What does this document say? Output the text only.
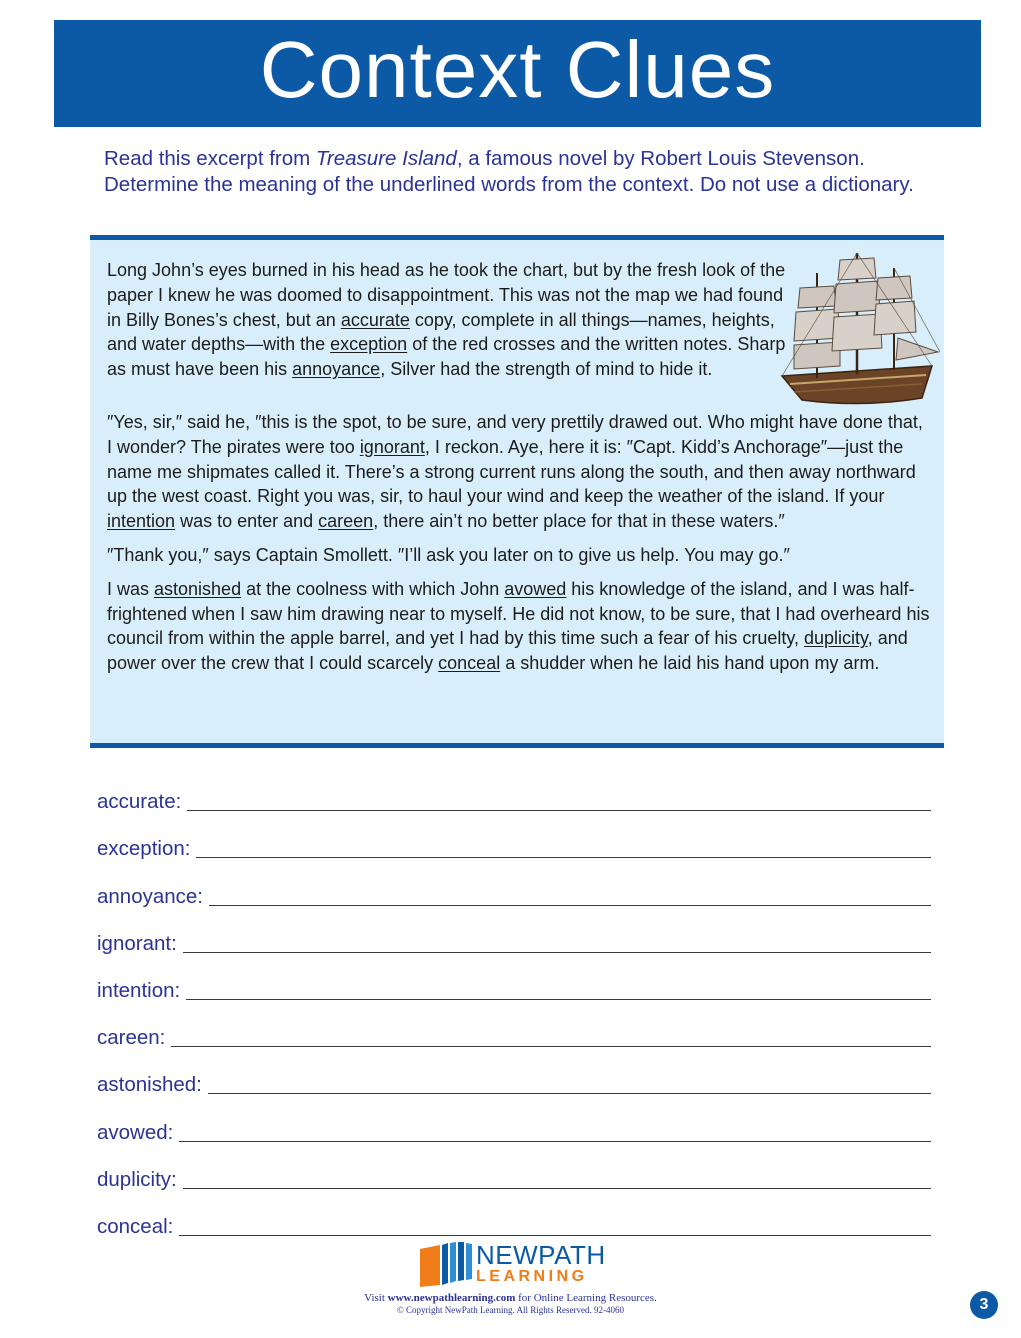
Context Clues

Read this excerpt from Treasure Island, a famous novel by Robert Louis Stevenson. Determine the meaning of the underlined words from the context. Do not use a dictionary.

Long John’s eyes burned in his head as he took the chart, but by the fresh look of the paper I knew he was doomed to disappointment. This was not the map we had found in Billy Bones’s chest, but an accurate copy, complete in all things—names, heights, and water depths—with the exception of the red crosses and the written notes. Sharp as must have been his annoyance, Silver had the strength of mind to hide it.

″Yes, sir,″ said he, ″this is the spot, to be sure, and very prettily drawed out. Who might have done that, I wonder? The pirates were too ignorant, I reckon. Aye, here it is: ″Capt. Kidd’s Anchorage″—just the name me shipmates called it. There’s a strong current runs along the south, and then away northward up the west coast. Right you was, sir, to haul your wind and keep the weather of the island. If your intention was to enter and careen, there ain’t no better place for that in these waters.″

″Thank you,″ says Captain Smollett. ″I’ll ask you later on to give us help. You may go.″

I was astonished at the coolness with which John avowed his knowledge of the island, and I was half-frightened when I saw him drawing near to myself. He did not know, to be sure, that I had overheard his council from within the apple barrel, and yet I had by this time such a fear of his cruelty, duplicity, and power over the crew that I could scarcely conceal a shudder when he laid his hand upon my arm.

accurate:
exception:
annoyance:
ignorant:
intention:
careen:
astonished:
avowed:
duplicity:
conceal:
NEWPATH
LEARNING
Visit www.newpathlearning.com for Online Learning Resources.
© Copyright NewPath Learning. All Rights Reserved. 92-4060	3
